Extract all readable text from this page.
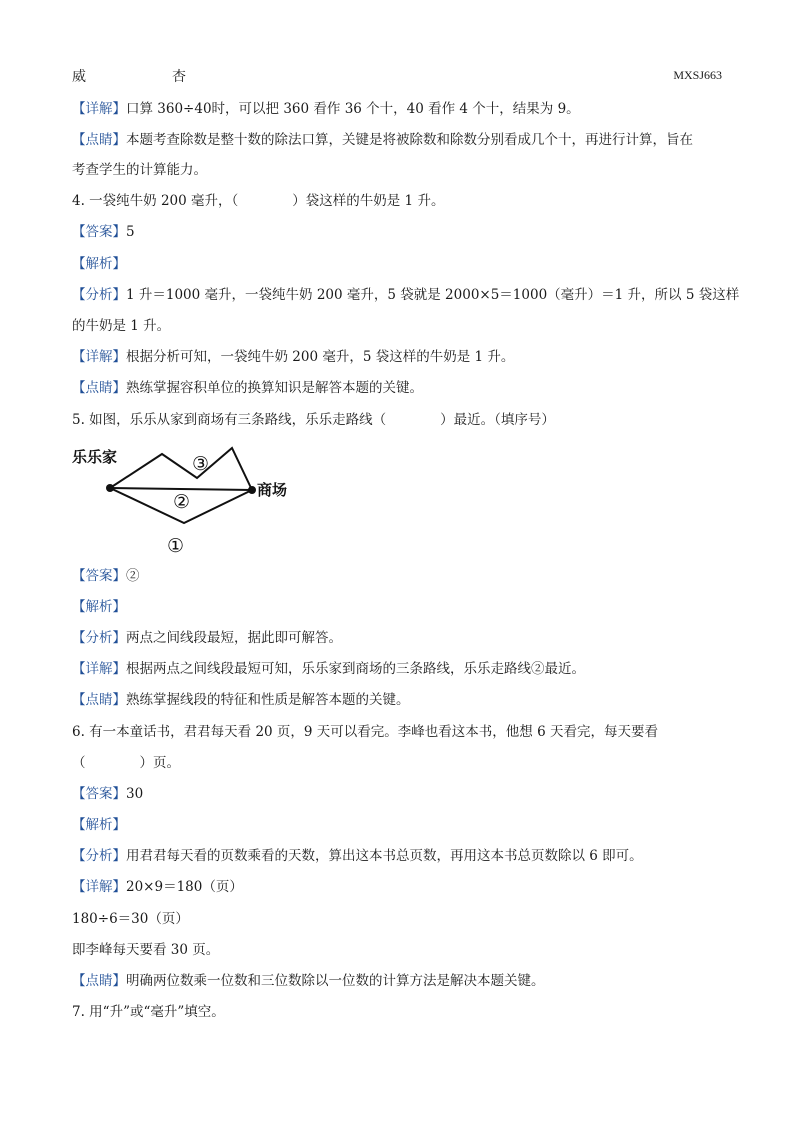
威	杏	MXSJ663
【详解】口算 360÷40时，可以把 360 看作 36 个十，40 看作 4 个十，结果为 9。
【点睛】本题考查除数是整十数的除法口算，关键是将被除数和除数分别看成几个十，再进行计算，旨在
考查学生的计算能力。
4. 一袋纯牛奶 200 毫升，（　　　　）袋这样的牛奶是 1 升。
【答案】5
【解析】
【分析】1 升＝1000 毫升，一袋纯牛奶 200 毫升，5 袋就是 2000×5＝1000（毫升）＝1 升，所以 5 袋这样
的牛奶是 1 升。
【详解】根据分析可知，一袋纯牛奶 200 毫升，5 袋这样的牛奶是 1 升。
【点睛】熟练掌握容积单位的换算知识是解答本题的关键。
5. 如图，乐乐从家到商场有三条路线，乐乐走路线（　　　　）最近。（填序号）
乐乐家
商场
③
②
①
【答案】②
【解析】
【分析】两点之间线段最短，据此即可解答。
【详解】根据两点之间线段最短可知，乐乐家到商场的三条路线，乐乐走路线②最近。
【点睛】熟练掌握线段的特征和性质是解答本题的关键。
6. 有一本童话书，君君每天看 20 页，9 天可以看完。李峰也看这本书，他想 6 天看完，每天要看
（　　　　）页。
【答案】30
【解析】
【分析】用君君每天看的页数乘看的天数，算出这本书总页数，再用这本书总页数除以 6 即可。
【详解】20×9＝180（页）
180÷6＝30（页）
即李峰每天要看 30 页。
【点睛】明确两位数乘一位数和三位数除以一位数的计算方法是解决本题关键。
7. 用“升”或“毫升”填空。
